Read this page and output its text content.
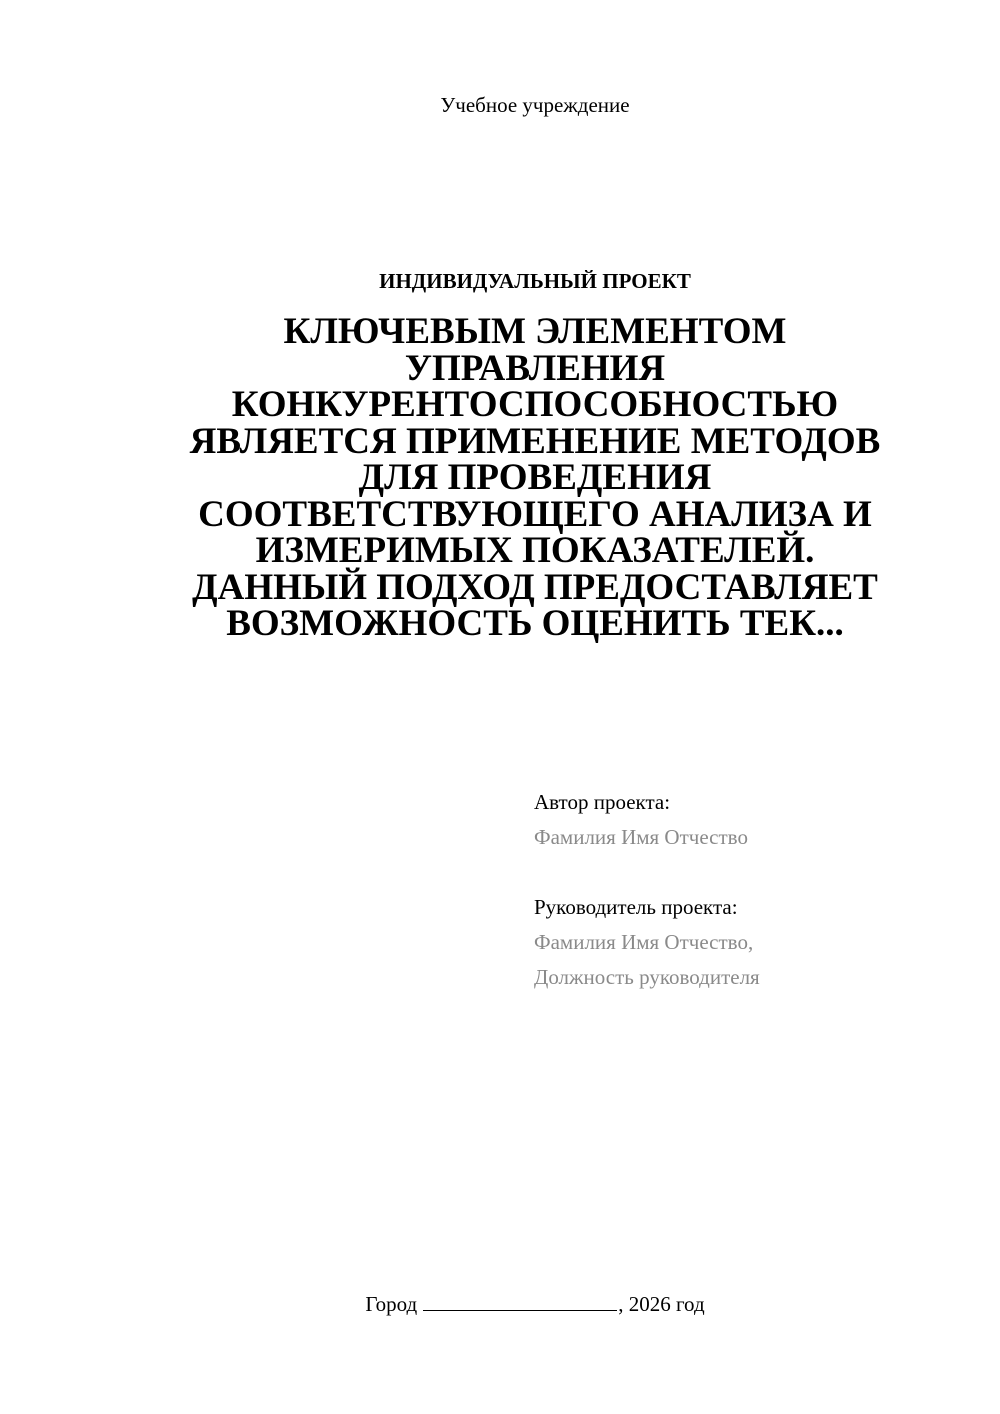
Учебное учреждение
ИНДИВИДУАЛЬНЫЙ ПРОЕКТ
КЛЮЧЕВЫМ ЭЛЕМЕНТОМ
УПРАВЛЕНИЯ
КОНКУРЕНТОСПОСОБНОСТЬЮ
ЯВЛЯЕТСЯ ПРИМЕНЕНИЕ МЕТОДОВ
ДЛЯ ПРОВЕДЕНИЯ
СООТВЕТСТВУЮЩЕГО АНАЛИЗА И
ИЗМЕРИМЫХ ПОКАЗАТЕЛЕЙ.
ДАННЫЙ ПОДХОД ПРЕДОСТАВЛЯЕТ
ВОЗМОЖНОСТЬ ОЦЕНИТЬ ТЕК...
Автор проекта:
Фамилия Имя Отчество
Руководитель проекта:
Фамилия Имя Отчество,
Должность руководителя
Город	, 2026 год
